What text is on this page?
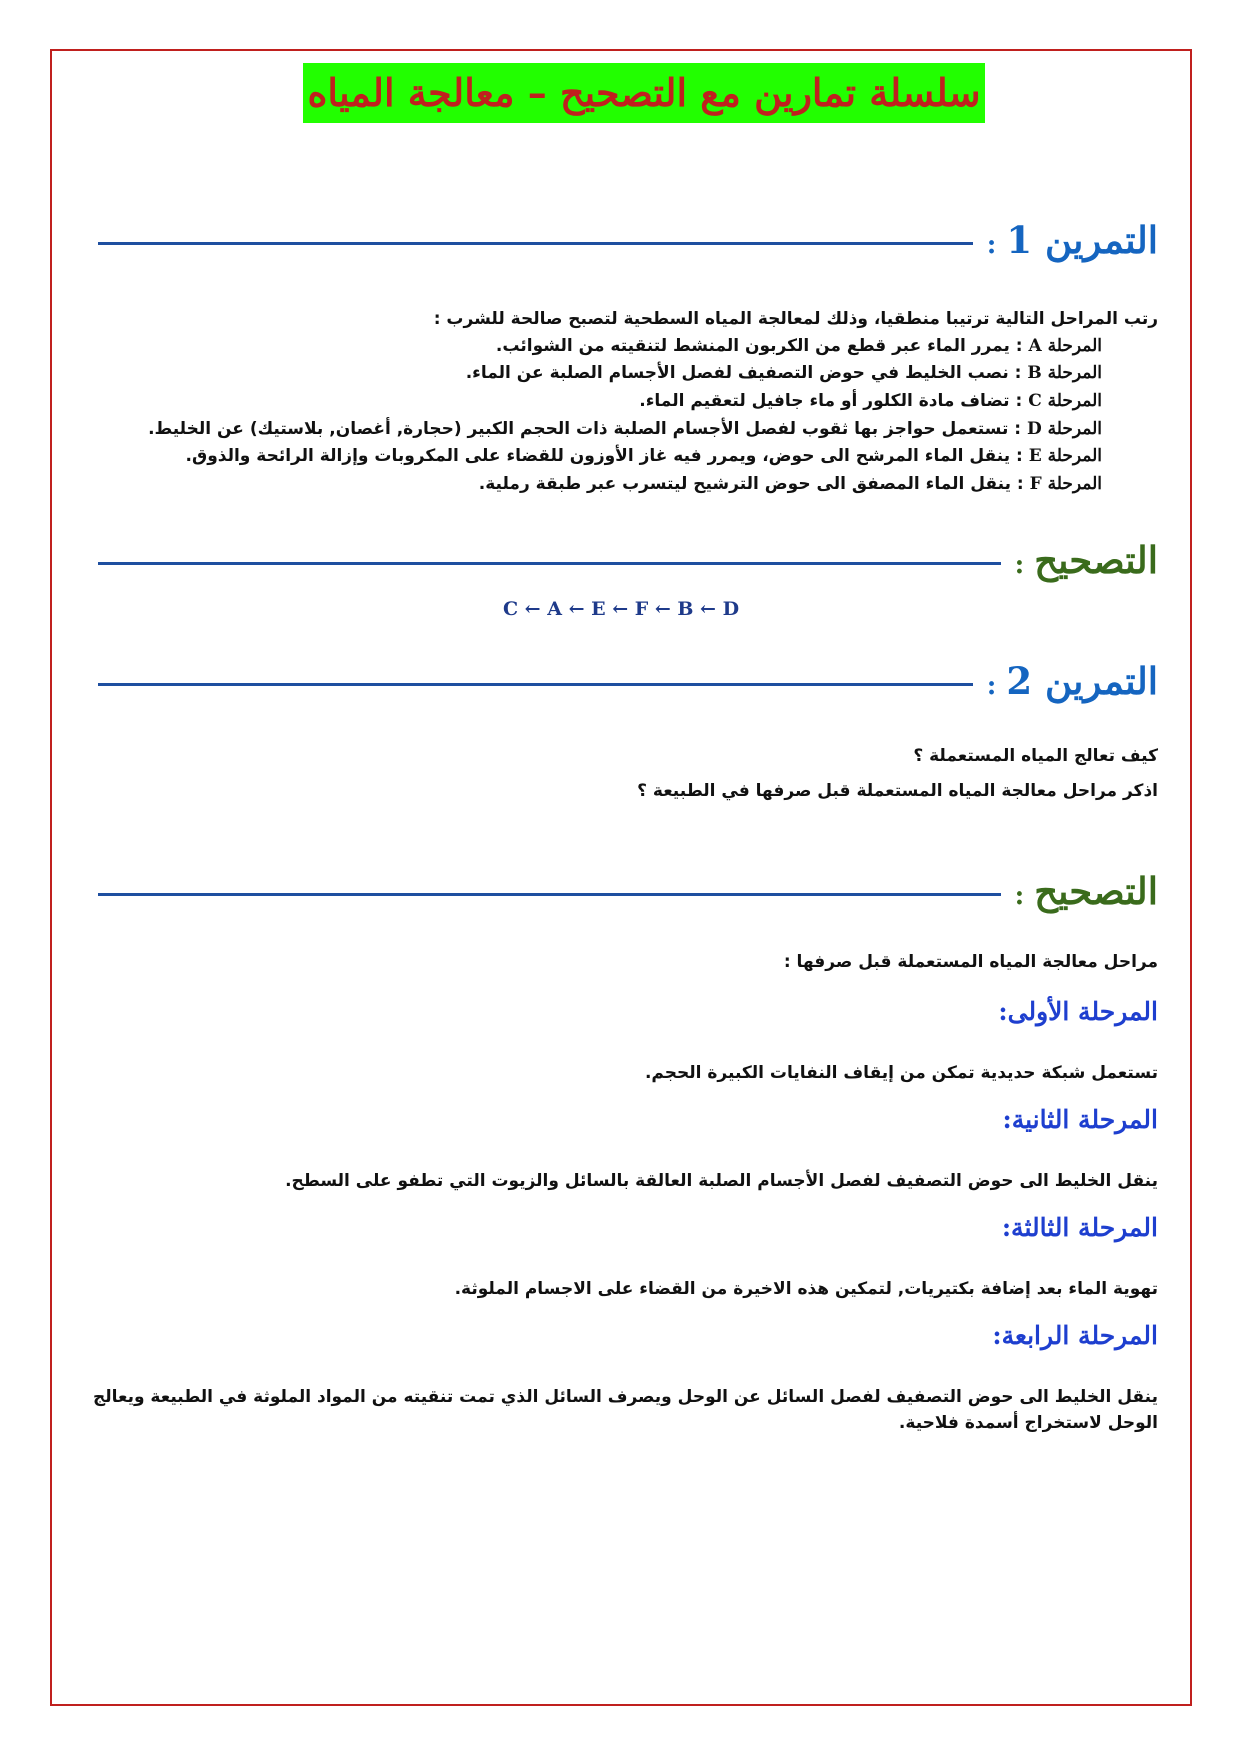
سلسلة تمارين مع التصحيح – معالجة المياه
التمرين 1:
رتب المراحل التالية ترتيبا منطقيا، وذلك لمعالجة المياه السطحية لتصبح صالحة للشرب :
المرحلة A : يمرر الماء عبر قطع من الكربون المنشط لتنقيته من الشوائب.
المرحلة B : نصب الخليط في حوض التصفيف لفصل الأجسام الصلبة عن الماء.
المرحلة C : تضاف مادة الكلور أو ماء جافيل لتعقيم الماء.
المرحلة D : تستعمل حواجز بها ثقوب لفصل الأجسام الصلبة ذات الحجم الكبير (حجارة, أغصان, بلاستيك) عن الخليط.
المرحلة E : ينقل الماء المرشح الى حوض، ويمرر فيه غاز الأوزون للقضاء على المكروبات وإزالة الرائحة والذوق.
المرحلة F : ينقل الماء المصفق الى حوض الترشيح ليتسرب عبر طبقة رملية.
التصحيح:
C ← A ← E ← F ← B ← D
التمرين 2:
كيف تعالج المياه المستعملة ؟
اذكر مراحل معالجة المياه المستعملة قبل صرفها في الطبيعة ؟
التصحيح:
مراحل معالجة المياه المستعملة قبل صرفها :
المرحلة الأولى:
تستعمل شبكة حديدية تمكن من إيقاف النفايات الكبيرة الحجم.
المرحلة الثانية:
ينقل الخليط الى حوض التصفيف لفصل الأجسام الصلبة العالقة بالسائل والزيوت التي تطفو على السطح.
المرحلة الثالثة:
تهوية الماء بعد إضافة بكتيريات, لتمكين هذه الاخيرة من القضاء على الاجسام الملوثة.
المرحلة الرابعة:
ينقل الخليط الى حوض التصفيف لفصل السائل عن الوحل ويصرف السائل الذي تمت تنقيته من المواد الملوثة في الطبيعة ويعالج الوحل لاستخراج أسمدة فلاحية.
